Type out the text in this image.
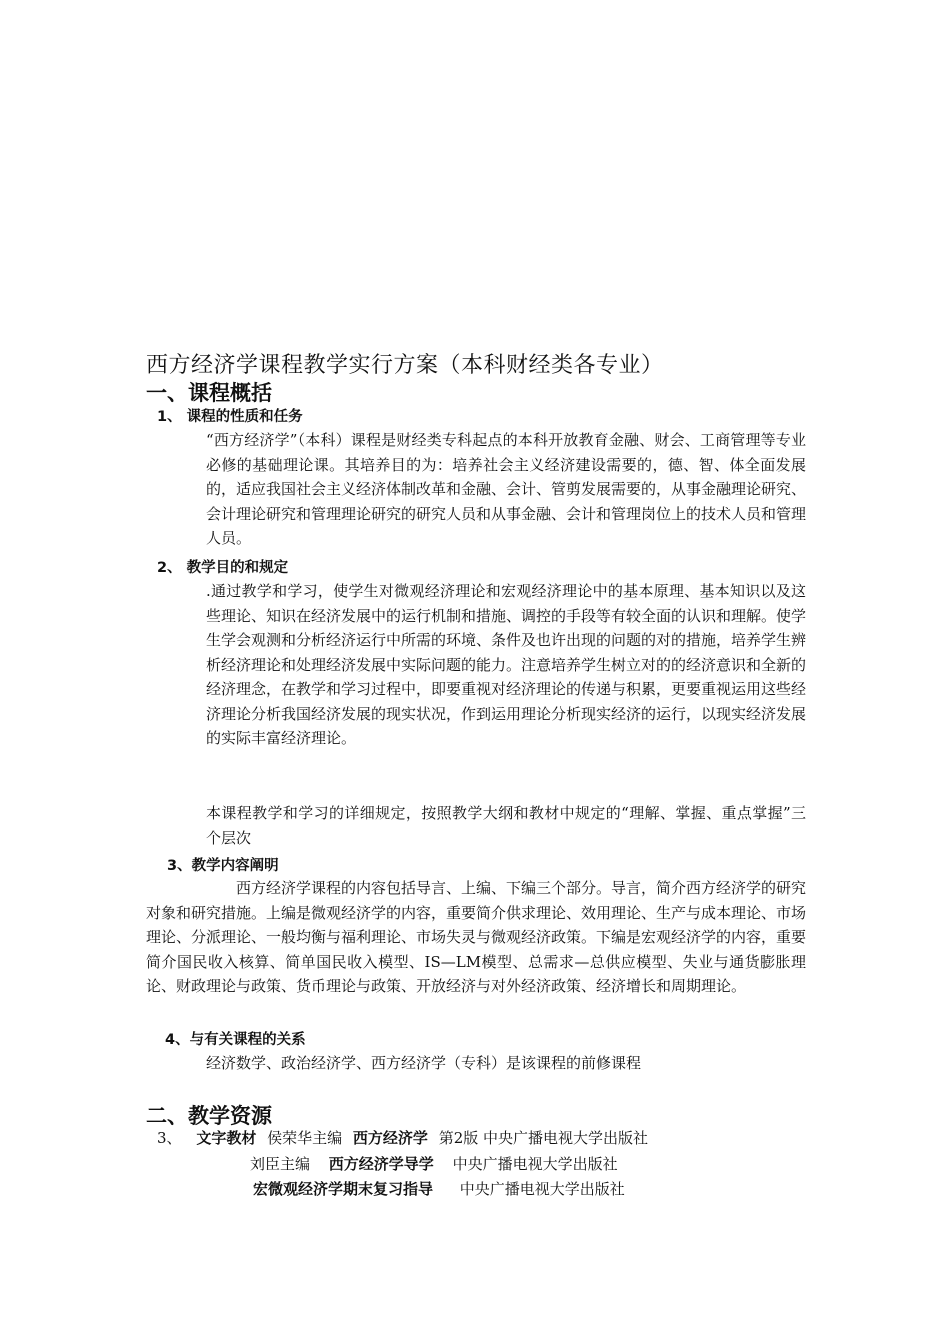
西方经济学课程教学实行方案（本科财经类各专业）
一、课程概括
1、 课程的性质和任务

“西方经济学”（本科）课程是财经类专科起点的本科开放教育金融、财会、工商管理等专业必修的基础理论课。其培养目的为：培养社会主义经济建设需要的，德、智、体全面发展的，适应我国社会主义经济体制改革和金融、会计、管剪发展需要的，从事金融理论研究、会计理论研究和管理理论研究的研究人员和从事金融、会计和管理岗位上的技术人员和管理人员。

2、 教学目的和规定

.通过教学和学习，使学生对微观经济理论和宏观经济理论中的基本原理、基本知识以及这些理论、知识在经济发展中的运行机制和措施、调控的手段等有较全面的认识和理解。使学生学会观测和分析经济运行中所需的环境、条件及也许出现的问题的对的措施，培养学生辨析经济理论和处理经济发展中实际问题的能力。注意培养学生树立对的的经济意识和全新的经济理念，在教学和学习过程中，即要重视对经济理论的传递与积累，更要重视运用这些经济理论分析我国经济发展的现实状况，作到运用理论分析现实经济的运行，以现实经济发展的实际丰富经济理论。

本课程教学和学习的详细规定，按照教学大纲和教材中规定的“理解、掌握、重点掌握”三个层次

3、教学内容阐明

西方经济学课程的内容包括导言、上编、下编三个部分。导言，简介西方经济学的研究对象和研究措施。上编是微观经济学的内容，重要简介供求理论、效用理论、生产与成本理论、市场理论、分派理论、一般均衡与福利理论、市场失灵与微观经济政策。下编是宏观经济学的内容，重要简介国民收入核算、简单国民收入模型、IS—LM模型、总需求—总供应模型、失业与通货膨胀理论、财政理论与政策、货币理论与政策、开放经济与对外经济政策、经济增长和周期理论。

4、与有关课程的关系
经济数学、政治经济学、西方经济学（专科）是该课程的前修课程
二、教学资源
3、 文字教材 侯荣华主编 西方经济学 第2版 中央广播电视大学出版社
刘臣主编 西方经济学导学 中央广播电视大学出版社
宏微观经济学期末复习指导 中央广播电视大学出版社
